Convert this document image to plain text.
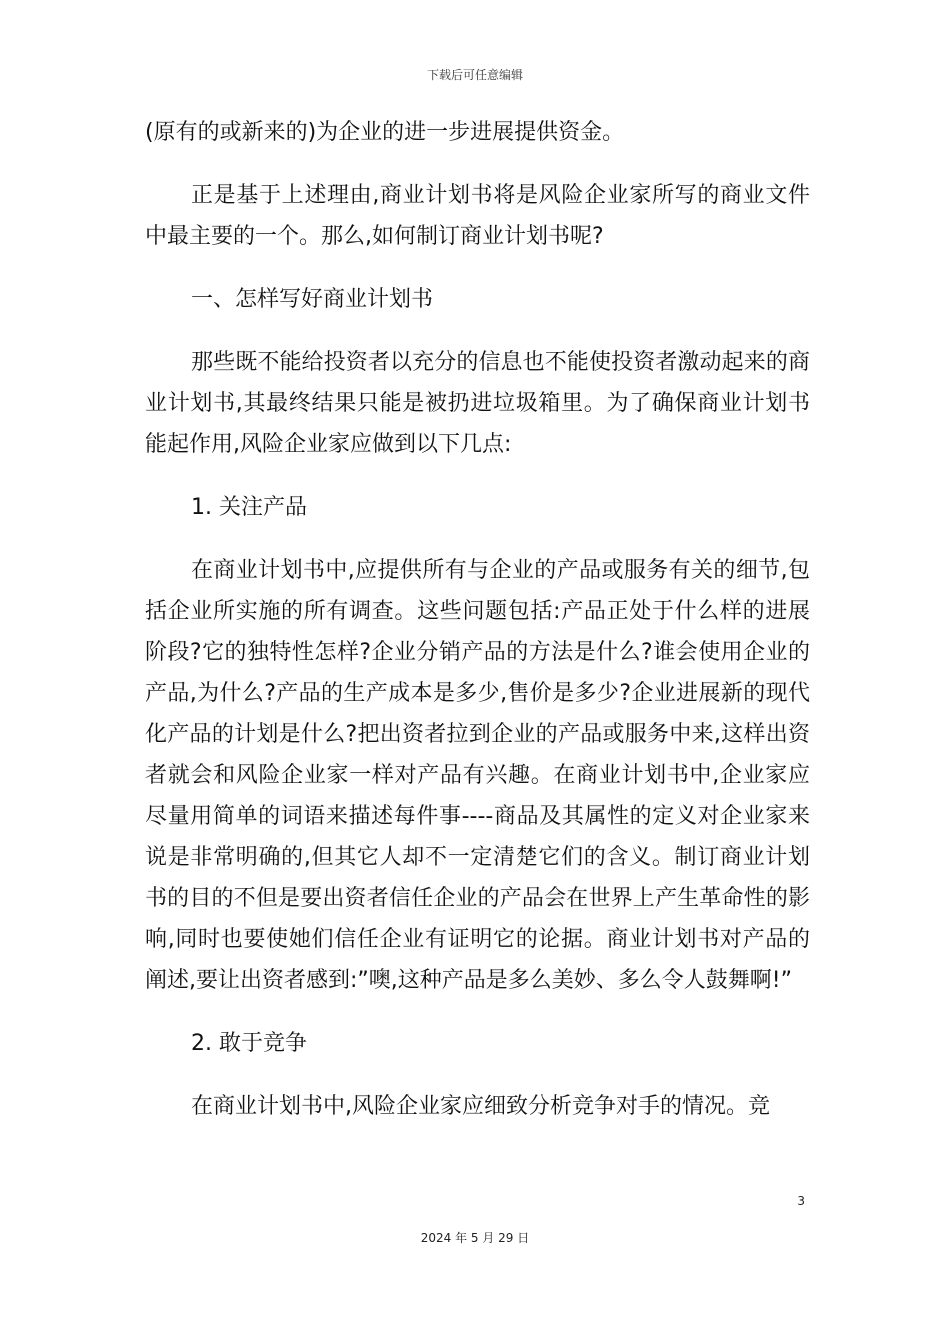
下载后可任意编辑

(原有的或新来的)为企业的进一步进展提供资金。

正是基于上述理由,商业计划书将是风险企业家所写的商业文件中最主要的一个。那么,如何制订商业计划书呢?

一、怎样写好商业计划书

那些既不能给投资者以充分的信息也不能使投资者激动起来的商业计划书,其最终结果只能是被扔进垃圾箱里。为了确保商业计划书能起作用,风险企业家应做到以下几点:

1. 关注产品

在商业计划书中,应提供所有与企业的产品或服务有关的细节,包括企业所实施的所有调查。这些问题包括:产品正处于什么样的进展阶段?它的独特性怎样?企业分销产品的方法是什么?谁会使用企业的产品,为什么?产品的生产成本是多少,售价是多少?企业进展新的现代化产品的计划是什么?把出资者拉到企业的产品或服务中来,这样出资者就会和风险企业家一样对产品有兴趣。在商业计划书中,企业家应尽量用简单的词语来描述每件事----商品及其属性的定义对企业家来说是非常明确的,但其它人却不一定清楚它们的含义。制订商业计划书的目的不但是要出资者信任企业的产品会在世界上产生革命性的影响,同时也要使她们信任企业有证明它的论据。商业计划书对产品的阐述,要让出资者感到:”噢,这种产品是多么美妙、多么令人鼓舞啊!”

2. 敢于竞争

在商业计划书中,风险企业家应细致分析竞争对手的情况。竞

3
2024 年 5 月 29 日
